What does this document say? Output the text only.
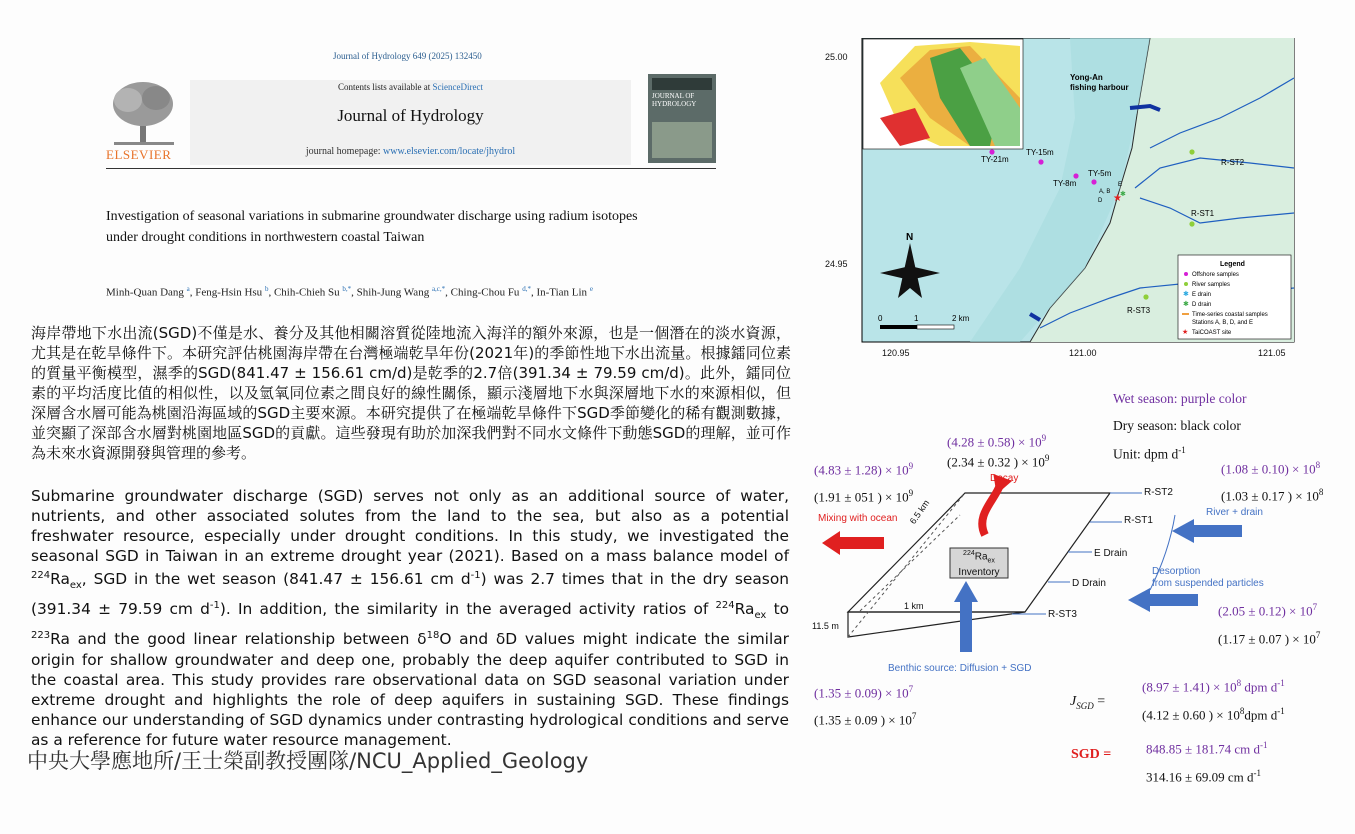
Journal of Hydrology 649 (2025) 132450
ELSEVIER
Contents lists available at ScienceDirect
Journal of Hydrology
journal homepage: www.elsevier.com/locate/jhydrol
JOURNAL OF HYDROLOGY
Investigation of seasonal variations in submarine groundwater discharge using radium isotopes under drought conditions in northwestern coastal Taiwan
Minh-Quan Dang $^a$, Feng-Hsin Hsu $^b$, Chih-Chieh Su $^{b,*}$, Shih-Jung Wang $^{a,c,*}$, Ching-Chou Fu $^{d,*}$, In-Tian Lin $^e$
海岸帶地下水出流(SGD)不僅是水、養分及其他相關溶質從陸地流入海洋的額外來源，也是一個潛在的淡水資源，尤其是在乾旱條件下。本研究評估桃園海岸帶在台灣極端乾旱年份(2021年)的季節性地下水出流量。根據鐳同位素的質量平衡模型，濕季的SGD(841.47 ± 156.61 cm/d)是乾季的2.7倍(391.34 ± 79.59 cm/d)。此外，鐳同位素的平均活度比值的相似性，以及氫氧同位素之間良好的線性關係，顯示淺層地下水與深層地下水的來源相似，但深層含水層可能為桃園沿海區域的SGD主要來源。本研究提供了在極端乾旱條件下SGD季節變化的稀有觀測數據，並突顯了深部含水層對桃園地區SGD的貢獻。這些發現有助於加深我們對不同水文條件下動態SGD的理解，並可作為未來水資源開發與管理的參考。
Submarine groundwater discharge (SGD) serves not only as an additional source of water, nutrients, and other associated solutes from the land to the sea, but also as a potential freshwater resource, especially under drought conditions. In this study, we investigated the seasonal SGD in Taiwan in an extreme drought year (2021). Based on a mass balance model of $^{224}Ra_{ex}$, SGD in the wet season (841.47 ± 156.61 cm $d^{-1}$) was 2.7 times that in the dry season (391.34 ± 79.59 cm $d^{-1}$). In addition, the similarity in the averaged activity ratios of $^{224}Ra_{ex}$ to $^{223}$Ra and the good linear relationship between $\delta^{18}O$ and δD values might indicate the similar origin for shallow groundwater and deep one, probably the deep aquifer contributed to SGD in the coastal area. This study provides rare observational data on SGD seasonal variation under extreme drought and highlights the role of deep aquifers in sustaining SGD. These findings enhance our understanding of SGD dynamics under contrasting hydrological conditions and serve as a reference for future water resource management.
中央大學應地所/王士榮副教授團隊/NCU_Applied_Geology
N
0	1	2 km
Yong-An
fishing harbour
TY-21m
TY-15m
TY-8m
TY-5m
A, B
D
E
★
✱
R-ST1
R-ST2
R-ST3
Legend
Offshore samples
River samples
✱ E drain
✱ D drain
Time-series coastal samples
Stations A, B, D, and E
★ TaiCOAST site
25.00
24.95
120.95	121.00	121.05
Wet season: purple color
Dry season: black color
Unit: dpm $d^{-1}$
$(4.28 \pm 0.58) \times 10^9$
(2.34 ± 0.32 ) × $10^9$
Decay
$(4.83 \pm 1.28) \times 10^9$
(1.91 ± 051 ) × $10^9$
Mixing with ocean
$(1.08 \pm 0.10) \times 10^8$
(1.03 ± 0.17 ) × $10^8$
River + drain
Desorption
from suspended particles
$(2.05 \pm 0.12) \times 10^7$
(1.17 ± 0.07 ) × $10^7$
Benthic source: Diffusion + SGD
$(1.35 \pm 0.09) \times 10^7$
(1.35 ± 0.09 ) × $10^7$
$^{224}Ra_{ex}$
Inventory
6.5 km
1 km
11.5 m
R-ST2
R-ST1
E Drain
D Drain
R-ST3
$J_{SGD}$ =
$(8.97 \pm 1.41) \times 10^8$ dpm $d^{-1}$
(4.12 ± 0.60 ) × $10^8dpm$ $d^{-1}$
SGD =	848.85 ± 181.74 cm $d^{-1}$
314.16 ± 69.09 cm $d^{-1}$
